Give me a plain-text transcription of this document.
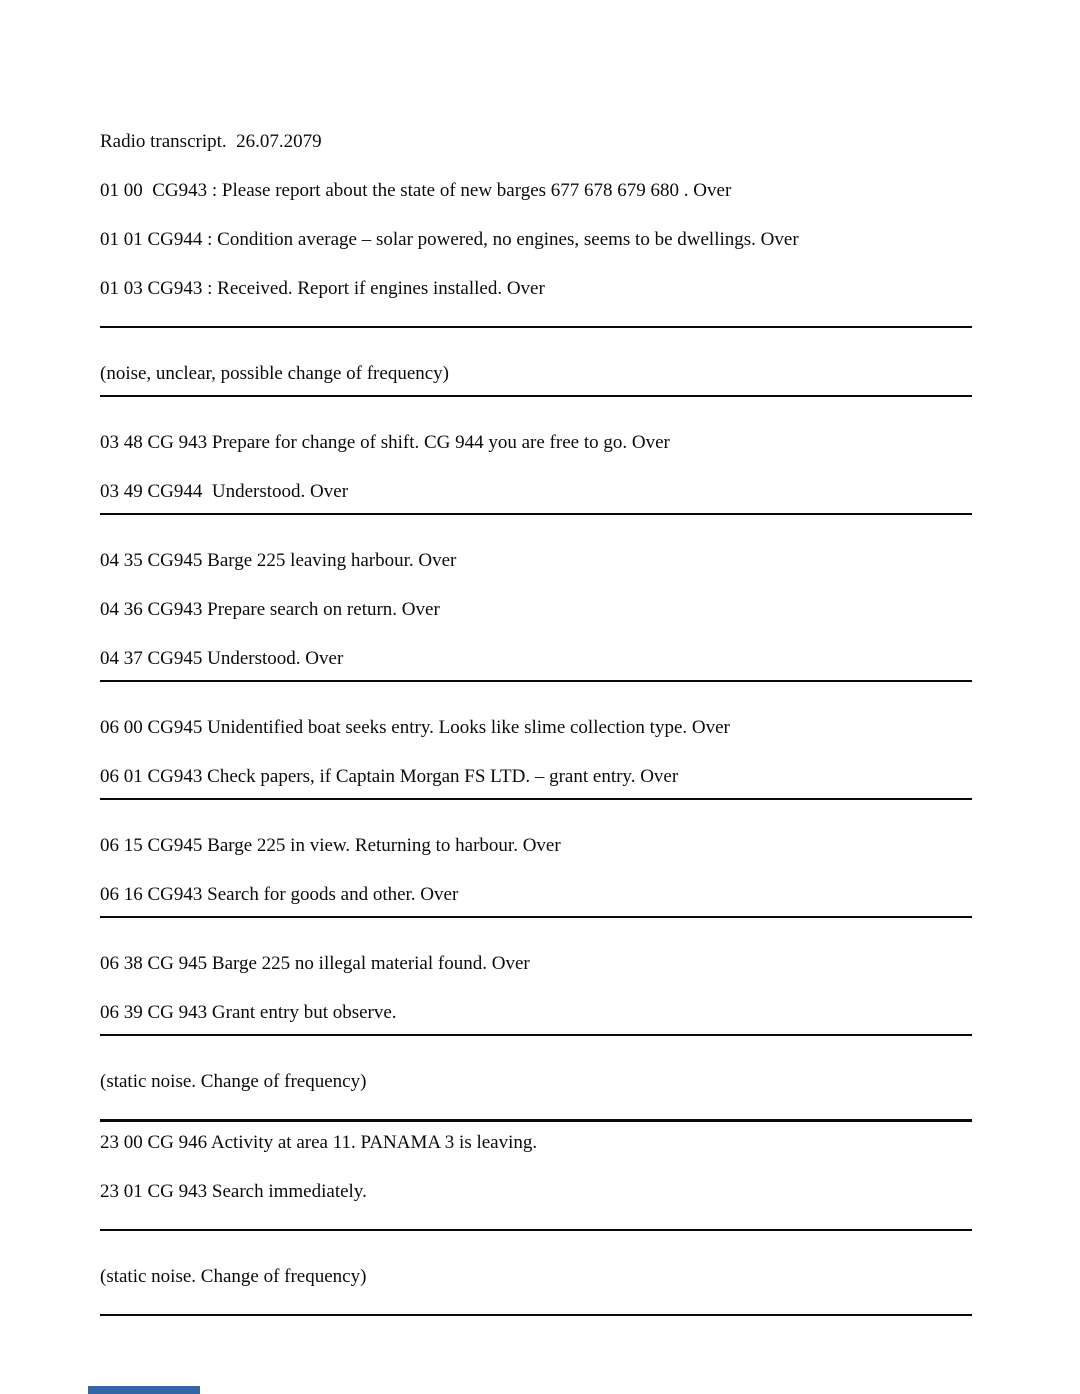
Radio transcript.  26.07.2079

01 00  CG943 : Please report about the state of new barges 677 678 679 680 . Over

01 01 CG944 : Condition average – solar powered, no engines, seems to be dwellings. Over

01 03 CG943 : Received. Report if engines installed. Over

(noise, unclear, possible change of frequency)

03 48 CG 943 Prepare for change of shift. CG 944 you are free to go. Over

03 49 CG944  Understood. Over

04 35 CG945 Barge 225 leaving harbour. Over

04 36 CG943 Prepare search on return. Over

04 37 CG945 Understood. Over

06 00 CG945 Unidentified boat seeks entry. Looks like slime collection type. Over

06 01 CG943 Check papers, if Captain Morgan FS LTD. – grant entry. Over

06 15 CG945 Barge 225 in view. Returning to harbour. Over

06 16 CG943 Search for goods and other. Over

06 38 CG 945 Barge 225 no illegal material found. Over

06 39 CG 943 Grant entry but observe.

(static noise. Change of frequency)

23 00 CG 946 Activity at area 11. PANAMA 3 is leaving.

23 01 CG 943 Search immediately.

(static noise. Change of frequency)
